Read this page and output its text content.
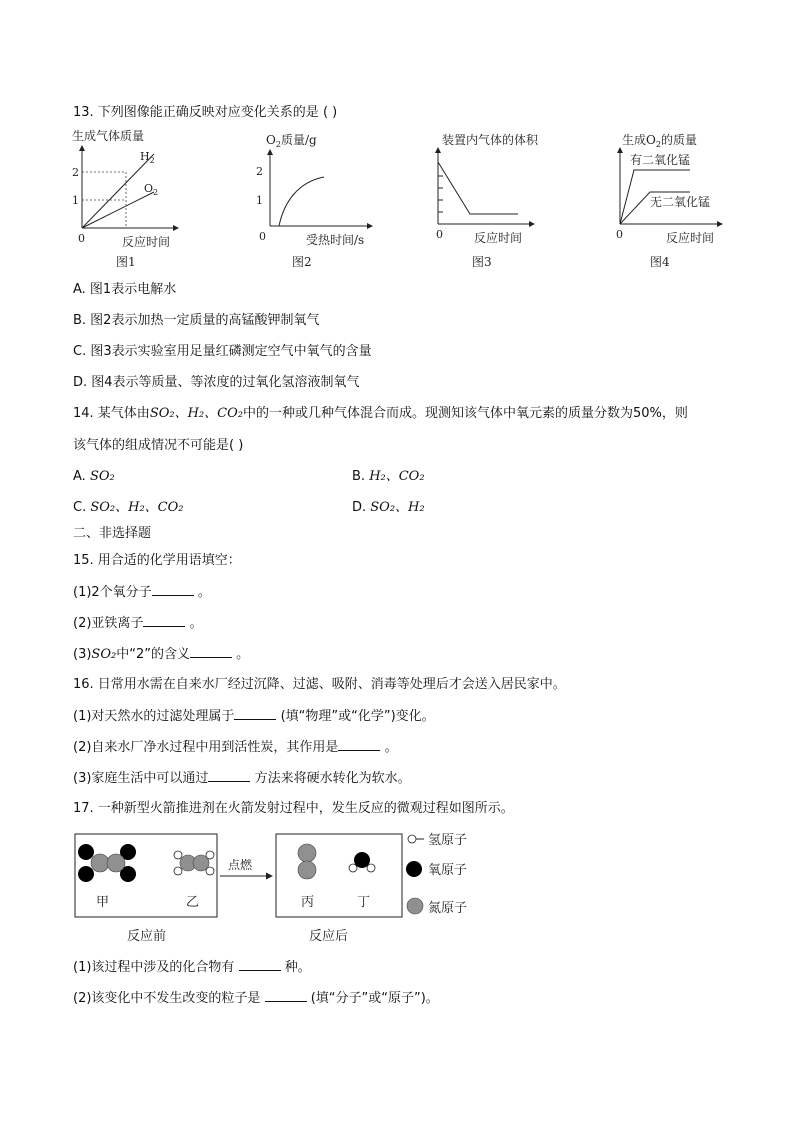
13. 下列图像能正确反映对应变化关系的是 ( )
生成气体质量
$H_2$
$O_2$
2
1
0	反应时间
图1
$O_2$质量/g
2
1
0	受热时间/s
图2
装置内气体的体积
0	反应时间
图3
生成$O_2$的质量
有二氧化锰
无二氧化锰
0	反应时间
图4
A. 图1表示电解水
B. 图2表示加热一定质量的高锰酸钾制氧气
C. 图3表示实验室用足量红磷测定空气中氧气的含量
D. 图4表示等质量、等浓度的过氧化氢溶液制氧气
14. 某气体由SO₂、H₂、CO₂中的一种或几种气体混合而成。现测知该气体中氧元素的质量分数为50%，则
该气体的组成情况不可能是( )
A. SO₂	B. H₂、CO₂
C. SO₂、H₂、CO₂	D. SO₂、H₂
二、非选择题
15. 用合适的化学用语填空：
(1)2个氧分子	。
(2)亚铁离子	。
(3)SO₂中“2”的含义	。
16. 日常用水需在自来水厂经过沉降、过滤、吸附、消毒等处理后才会送入居民家中。
(1)对天然水的过滤处理属于	(填“物理”或“化学”)变化。
(2)自来水厂净水过程中用到活性炭，其作用是	。
(3)家庭生活中可以通过	方法来将硬水转化为软水。
17. 一种新型火箭推进剂在火箭发射过程中，发生反应的微观过程如图所示。
甲	乙
点燃
丙	丁
反应前	反应后
氢原子
氧原子
氮原子
(1)该过程中涉及的化合物有	种。
(2)该变化中不发生改变的粒子是	(填“分子”或“原子”)。
